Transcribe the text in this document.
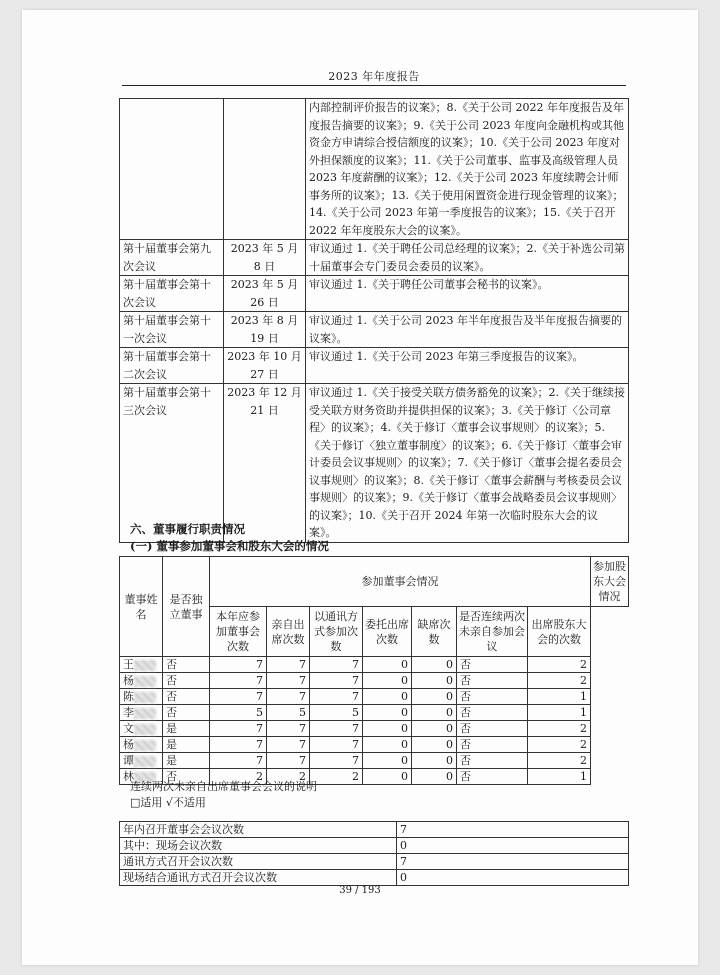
2023 年年度报告
		内部控制评价报告的议案》；8.《关于公司 2022 年年度报告及年度报告摘要的议案》；9.《关于公司 2023 年度向金融机构或其他资金方申请综合授信额度的议案》；10.《关于公司 2023 年度对外担保额度的议案》；11.《关于公司董事、监事及高级管理人员 2023 年度薪酬的议案》；12.《关于公司 2023 年度续聘会计师事务所的议案》；13.《关于使用闲置资金进行现金管理的议案》；14.《关于公司 2023 年第一季度报告的议案》；15.《关于召开 2022 年年度股东大会的议案》。
第十届董事会第九次会议	2023 年 5 月 8 日	审议通过 1.《关于聘任公司总经理的议案》；2.《关于补选公司第十届董事会专门委员会委员的议案》。
第十届董事会第十次会议	2023 年 5 月 26 日	审议通过 1.《关于聘任公司董事会秘书的议案》。
第十届董事会第十一次会议	2023 年 8 月 19 日	审议通过 1.《关于公司 2023 年半年度报告及半年度报告摘要的议案》。
第十届董事会第十二次会议	2023 年 10 月 27 日	审议通过 1.《关于公司 2023 年第三季度报告的议案》。
第十届董事会第十三次会议	2023 年 12 月 21 日	审议通过 1.《关于接受关联方债务豁免的议案》；2.《关于继续接受关联方财务资助并提供担保的议案》；3.《关于修订〈公司章程〉的议案》；4.《关于修订〈董事会议事规则〉的议案》；5.《关于修订〈独立董事制度〉的议案》；6.《关于修订〈董事会审计委员会议事规则〉的议案》；7.《关于修订〈董事会提名委员会议事规则〉的议案》；8.《关于修订〈董事会薪酬与考核委员会议事规则〉的议案》；9.《关于修订〈董事会战略委员会议事规则〉的议案》；10.《关于召开 2024 年第一次临时股东大会的议案》。
六、董事履行职责情况
(一) 董事参加董事会和股东大会的情况
董事姓名	是否独立董事	参加董事会情况							参加股东大会情况
		本年应参加董事会次数	亲自出席次数	以通讯方式参加次数	委托出席次数	缺席次数	是否连续两次未亲自参加会议	出席股东大会的次数	
王	否	7	7	7	0	0	否	2	
杨	否	7	7	7	0	0	否	2	
陈	否	7	7	7	0	0	否	1	
李	否	5	5	5	0	0	否	1	
文	是	7	7	7	0	0	否	2	
杨	是	7	7	7	0	0	否	2	
谭	是	7	7	7	0	0	否	2	
林	否	2	2	2	0	0	否	1	
连续两次未亲自出席董事会会议的说明
□适用 √不适用
年内召开董事会会议次数	7
其中：现场会议次数	0
通讯方式召开会议次数	7
现场结合通讯方式召开会议次数	0
39 / 193
